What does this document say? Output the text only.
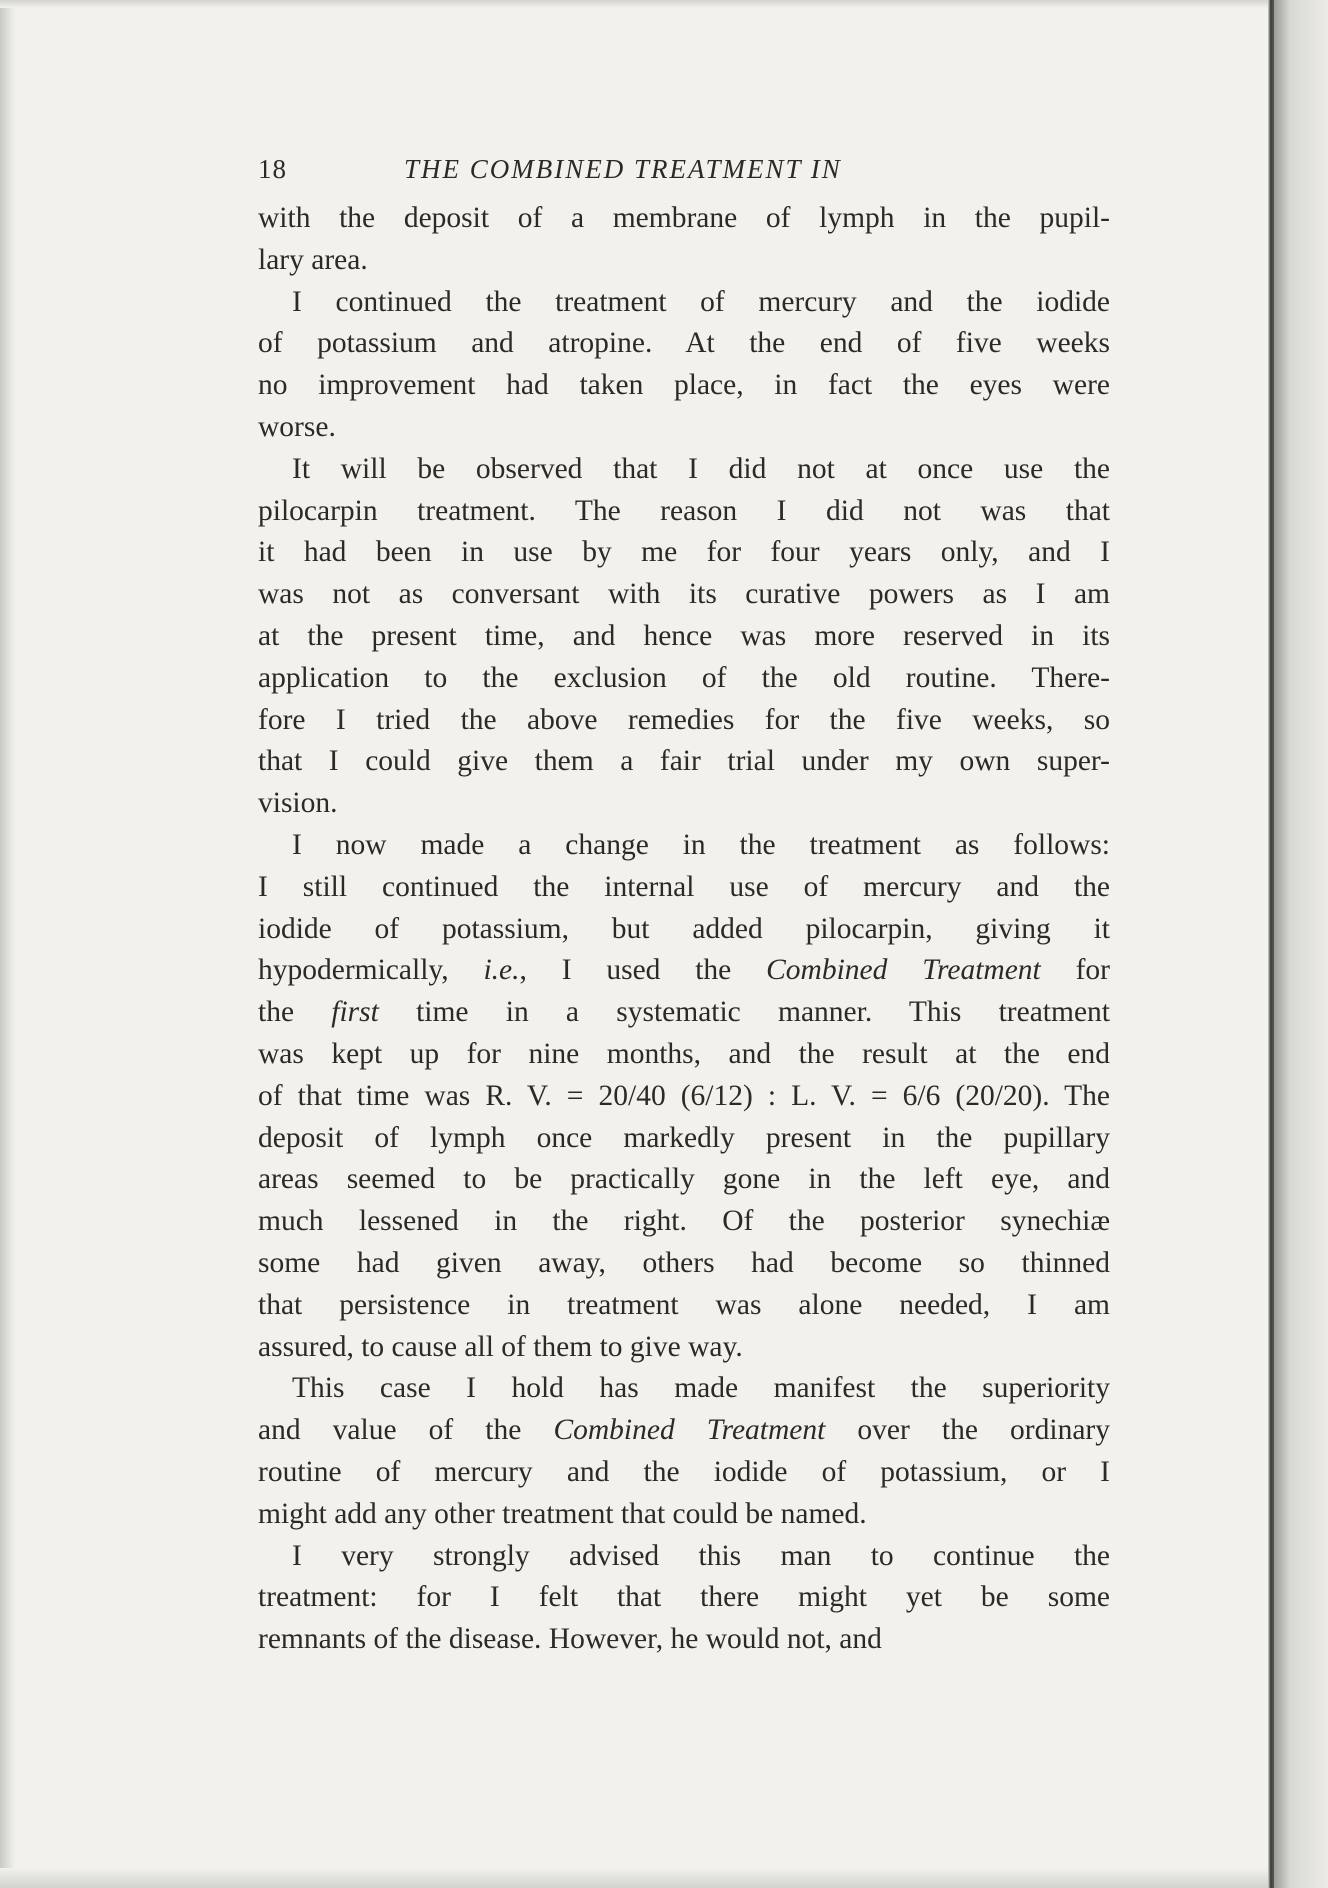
18	THE COMBINED TREATMENT IN
with the deposit of a membrane of lymph in the pupil-
lary area.
I continued the treatment of mercury and the iodide
of potassium and atropine. At the end of five weeks
no improvement had taken place, in fact the eyes were
worse.
It will be observed that I did not at once use the
pilocarpin treatment. The reason I did not was that
it had been in use by me for four years only, and I
was not as conversant with its curative powers as I am
at the present time, and hence was more reserved in its
application to the exclusion of the old routine. There-
fore I tried the above remedies for the five weeks, so
that I could give them a fair trial under my own super-
vision.
I now made a change in the treatment as follows:
I still continued the internal use of mercury and the
iodide of potassium, but added pilocarpin, giving it
hypodermically, i.e., I used the Combined Treatment for
the first time in a systematic manner. This treatment
was kept up for nine months, and the result at the end
of that time was R. V. = 20/40 (6/12) : L. V. = 6/6 (20/20). The
deposit of lymph once markedly present in the pupillary
areas seemed to be practically gone in the left eye, and
much lessened in the right. Of the posterior synechiæ
some had given away, others had become so thinned
that persistence in treatment was alone needed, I am
assured, to cause all of them to give way.
This case I hold has made manifest the superiority
and value of the Combined Treatment over the ordinary
routine of mercury and the iodide of potassium, or I
might add any other treatment that could be named.
I very strongly advised this man to continue the
treatment: for I felt that there might yet be some
remnants of the disease. However, he would not, and
